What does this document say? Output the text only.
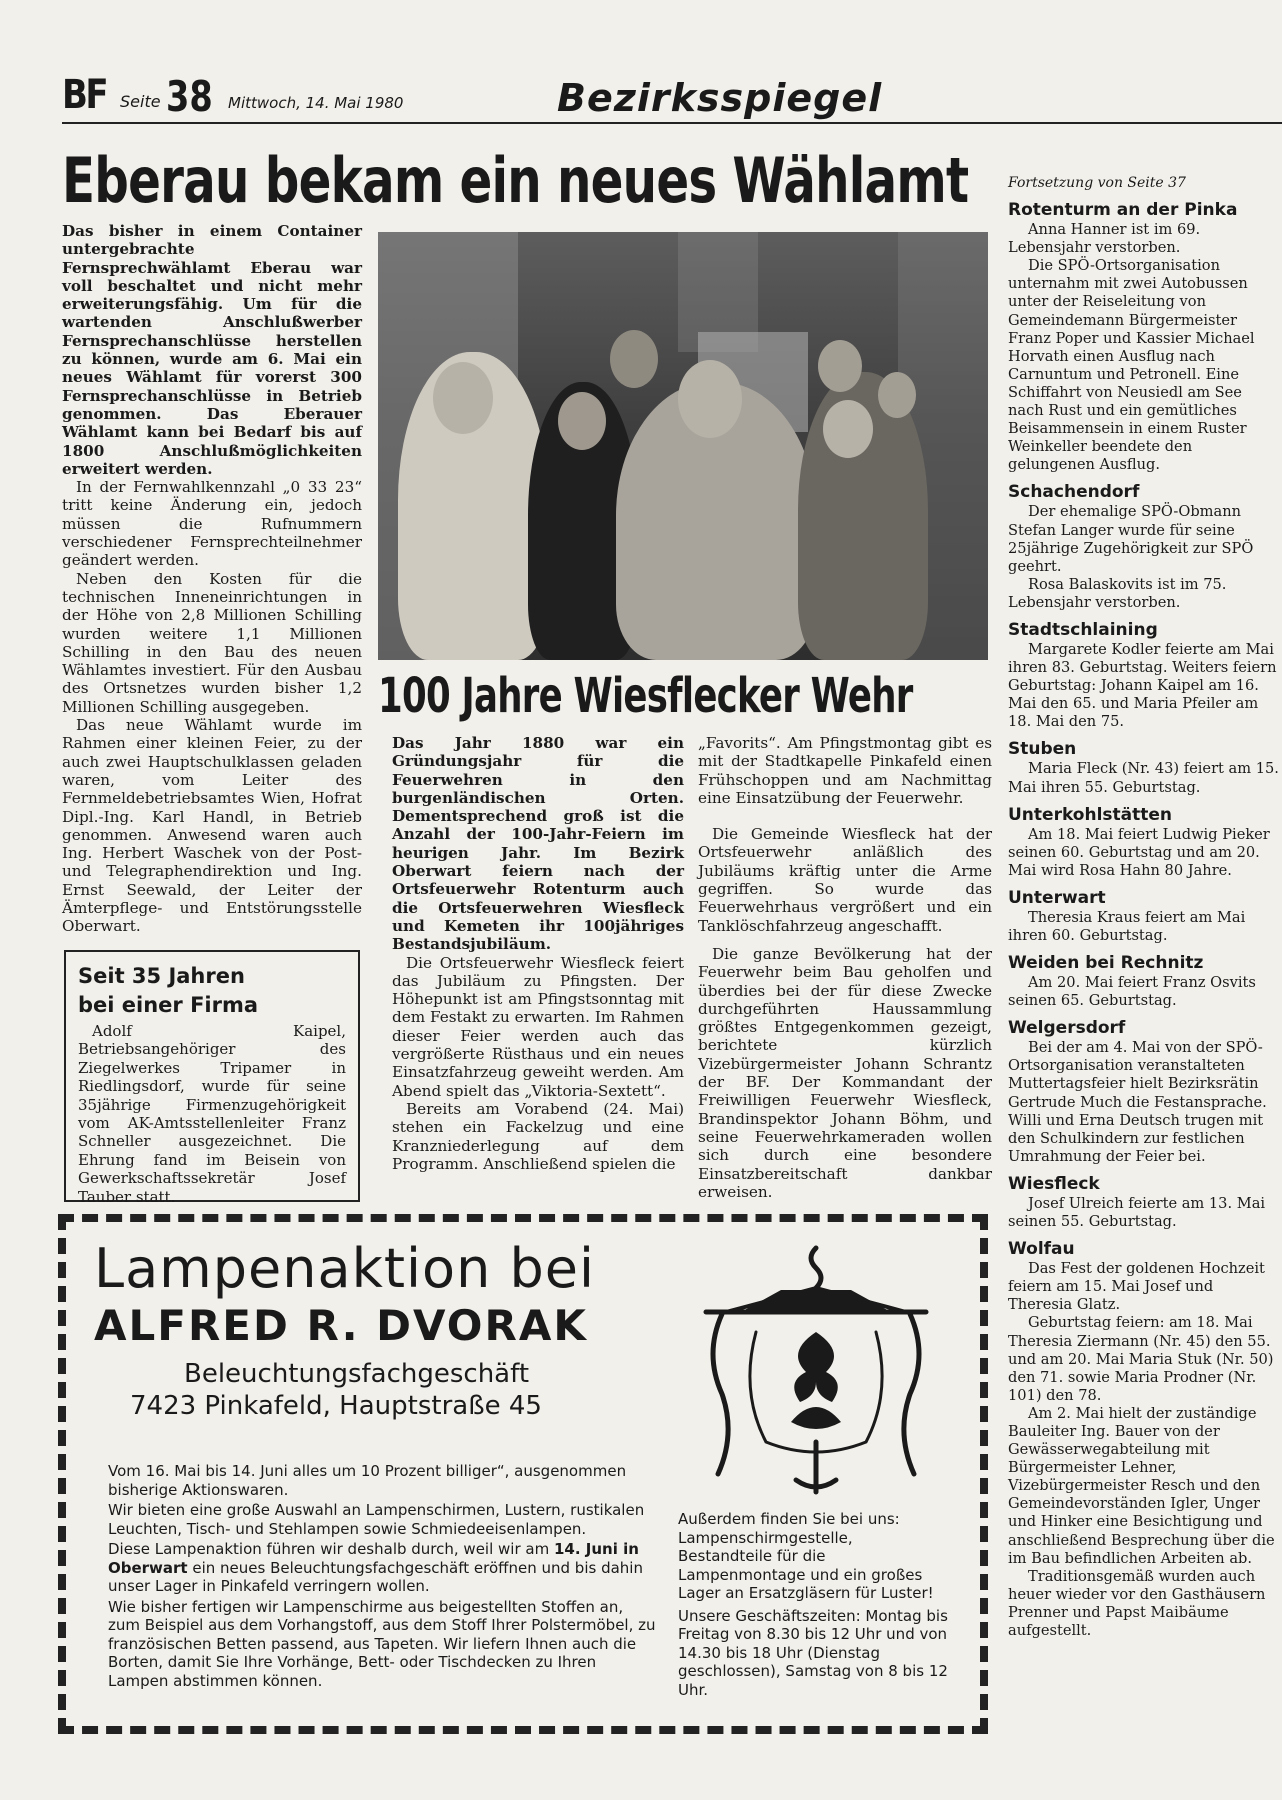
BF Seite 38 Mittwoch, 14. Mai 1980	Bezirksspiegel
Eberau bekam ein neues Wählamt

Das bisher in einem Container untergebrachte Fernsprechwählamt Eberau war voll beschaltet und nicht mehr erweiterungsfähig. Um für die wartenden Anschlußwerber Fernsprechanschlüsse herstellen zu können, wurde am 6. Mai ein neues Wählamt für vorerst 300 Fernsprechanschlüsse in Betrieb genommen. Das Eberauer Wählamt kann bei Bedarf bis auf 1800 Anschlußmöglichkeiten erweitert werden.

In der Fernwahlkennzahl „0 33 23“ tritt keine Änderung ein, jedoch müssen die Rufnummern verschiedener Fernsprechteilnehmer geändert werden.

Neben den Kosten für die technischen Inneneinrichtungen in der Höhe von 2,8 Millionen Schilling wurden weitere 1,1 Millionen Schilling in den Bau des neuen Wählamtes investiert. Für den Ausbau des Ortsnetzes wurden bisher 1,2 Millionen Schilling ausgegeben.

Das neue Wählamt wurde im Rahmen einer kleinen Feier, zu der auch zwei Hauptschulklassen geladen waren, vom Leiter des Fernmeldebetriebsamtes Wien, Hofrat Dipl.-Ing. Karl Handl, in Betrieb genommen. Anwesend waren auch Ing. Herbert Waschek von der Post- und Telegraphendirektion und Ing. Ernst Seewald, der Leiter der Ämterpflege- und Entstörungsstelle Oberwart.

100 Jahre Wiesflecker Wehr

Das Jahr 1880 war ein Gründungsjahr für die Feuerwehren in den burgenländischen Orten. Dementsprechend groß ist die Anzahl der 100-Jahr-Feiern im heurigen Jahr. Im Bezirk Oberwart feiern nach der Ortsfeuerwehr Rotenturm auch die Ortsfeuerwehren Wiesfleck und Kemeten ihr 100jähriges Bestandsjubiläum.

Die Ortsfeuerwehr Wiesfleck feiert das Jubiläum zu Pfingsten. Der Höhepunkt ist am Pfingstsonntag mit dem Festakt zu erwarten. Im Rahmen dieser Feier werden auch das vergrößerte Rüsthaus und ein neues Einsatzfahrzeug geweiht werden. Am Abend spielt das „Viktoria-Sextett“.

Bereits am Vorabend (24. Mai) stehen ein Fackelzug und eine Kranzniederlegung auf dem Programm. Anschließend spielen die

„Favorits“. Am Pfingstmontag gibt es mit der Stadtkapelle Pinkafeld einen Frühschoppen und am Nachmittag eine Einsatzübung der Feuerwehr.

Die Gemeinde Wiesfleck hat der Ortsfeuerwehr anläßlich des Jubiläums kräftig unter die Arme gegriffen. So wurde das Feuerwehrhaus vergrößert und ein Tanklöschfahrzeug angeschafft.

Die ganze Bevölkerung hat der Feuerwehr beim Bau geholfen und überdies bei der für diese Zwecke durchgeführten Haussammlung größtes Entgegenkommen gezeigt, berichtete kürzlich Vizebürgermeister Johann Schrantz der BF. Der Kommandant der Freiwilligen Feuerwehr Wiesfleck, Brandinspektor Johann Böhm, und seine Feuerwehrkameraden wollen sich durch eine besondere Einsatzbereitschaft dankbar erweisen.

Seit 35 Jahren
bei einer Firma

Adolf Kaipel, Betriebsangehöriger des Ziegelwerkes Tripamer in Riedlingsdorf, wurde für seine 35jährige Firmenzugehörigkeit vom AK-Amtsstellenleiter Franz Schneller ausgezeichnet. Die Ehrung fand im Beisein von Gewerkschaftssekretär Josef Tauber statt.

Fortsetzung von Seite 37

Rotenturm an der Pinka

Anna Hanner ist im 69. Lebensjahr verstorben.

Die SPÖ-Ortsorganisation unternahm mit zwei Autobussen unter der Reiseleitung von Gemeindemann Bürgermeister Franz Poper und Kassier Michael Horvath einen Ausflug nach Carnuntum und Petronell. Eine Schiffahrt von Neusiedl am See nach Rust und ein gemütliches Beisammensein in einem Ruster Weinkeller beendete den gelungenen Ausflug.

Schachendorf

Der ehemalige SPÖ-Obmann Stefan Langer wurde für seine 25jährige Zugehörigkeit zur SPÖ geehrt.

Rosa Balaskovits ist im 75. Lebensjahr verstorben.

Stadtschlaining

Margarete Kodler feierte am Mai ihren 83. Geburtstag. Weiters feiern Geburtstag: Johann Kaipel am 16. Mai den 65. und Maria Pfeiler am 18. Mai den 75.

Stuben

Maria Fleck (Nr. 43) feiert am 15. Mai ihren 55. Geburtstag.

Unterkohlstätten

Am 18. Mai feiert Ludwig Pieker seinen 60. Geburtstag und am 20. Mai wird Rosa Hahn 80 Jahre.

Unterwart

Theresia Kraus feiert am Mai ihren 60. Geburtstag.

Weiden bei Rechnitz

Am 20. Mai feiert Franz Osvits seinen 65. Geburtstag.

Welgersdorf

Bei der am 4. Mai von der SPÖ-Ortsorganisation veranstalteten Muttertagsfeier hielt Bezirksrätin Gertrude Much die Festansprache. Willi und Erna Deutsch trugen mit den Schulkindern zur festlichen Umrahmung der Feier bei.

Wiesfleck

Josef Ulreich feierte am 13. Mai seinen 55. Geburtstag.

Wolfau

Das Fest der goldenen Hochzeit feiern am 15. Mai Josef und Theresia Glatz.

Geburtstag feiern: am 18. Mai Theresia Ziermann (Nr. 45) den 55. und am 20. Mai Maria Stuk (Nr. 50) den 71. sowie Maria Prodner (Nr. 101) den 78.

Am 2. Mai hielt der zuständige Bauleiter Ing. Bauer von der Gewässerwegabteilung mit Bürgermeister Lehner, Vizebürgermeister Resch und den Gemeindevorständen Igler, Unger und Hinker eine Besichtigung und anschließend Besprechung über die im Bau befindlichen Arbeiten ab.

Traditionsgemäß wurden auch heuer wieder vor den Gasthäusern Prenner und Papst Maibäume aufgestellt.

Lampenaktion bei
ALFRED R. DVORAK
Beleuchtungsfachgeschäft
7423 Pinkafeld, Hauptstraße 45

Vom 16. Mai bis 14. Juni alles um 10 Prozent billiger“, ausgenommen bisherige Aktionswaren.

Wir bieten eine große Auswahl an Lampenschirmen, Lustern, rustikalen Leuchten, Tisch- und Stehlampen sowie Schmiedeeisenlampen.

Diese Lampenaktion führen wir deshalb durch, weil wir am 14. Juni in Oberwart ein neues Beleuchtungsfachgeschäft eröffnen und bis dahin unser Lager in Pinkafeld verringern wollen.

Wie bisher fertigen wir Lampenschirme aus beigestellten Stoffen an, zum Beispiel aus dem Vorhangstoff, aus dem Stoff Ihrer Polstermöbel, zu französischen Betten passend, aus Tapeten. Wir liefern Ihnen auch die Borten, damit Sie Ihre Vorhänge, Bett- oder Tischdecken zu Ihren Lampen abstimmen können.

Außerdem finden Sie bei uns: Lampenschirmgestelle, Bestandteile für die Lampenmontage und ein großes Lager an Ersatzgläsern für Luster!

Unsere Geschäftszeiten: Montag bis Freitag von 8.30 bis 12 Uhr und von 14.30 bis 18 Uhr (Dienstag geschlossen), Samstag von 8 bis 12 Uhr.
